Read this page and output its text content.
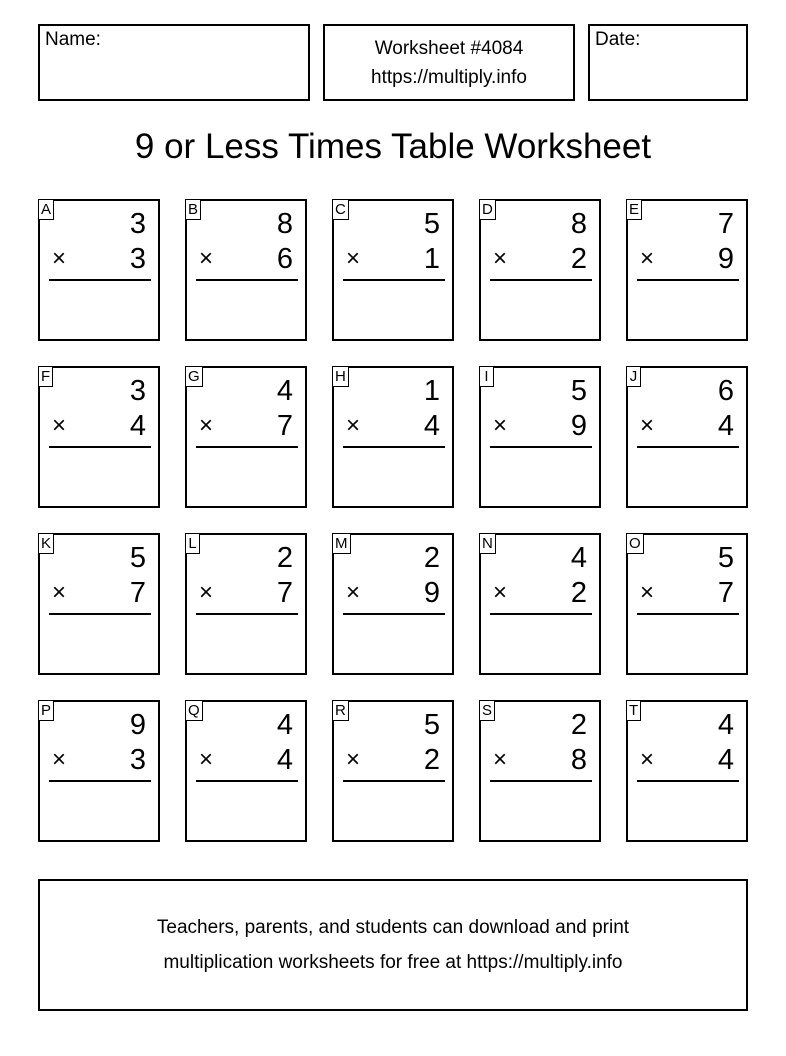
Name:	Worksheet #4084
https://multiply.info
Date:
9 or Less Times Table Worksheet
A	3
× 3
B	8
× 6
C	5
× 1
D	8
× 2
E	7
× 9
F	3
× 4
G	4
× 7
H	1
× 4
I	5
× 9
J	6
× 4
K	5
× 7
L	2
× 7
M	2
× 9
N	4
× 2
O	5
× 7
P	9
× 3
Q	4
× 4
R	5
× 2
S	2
× 8
T	4
× 4
Teachers, parents, and students can download and print
multiplication worksheets for free at https://multiply.info
